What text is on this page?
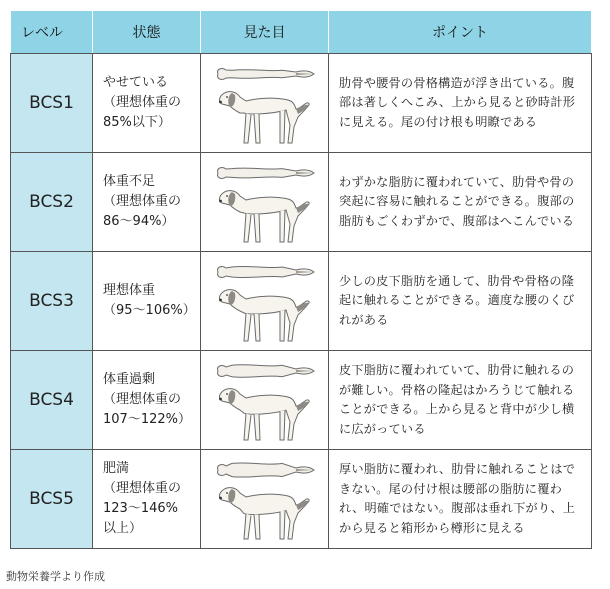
レベル	状態	見た目	ポイント
BCS1	やせている
（理想体重の
85%以下）		肋骨や腰骨の骨格構造が浮き出ている。腹部は著しくへこみ、上から見ると砂時計形に見える。尾の付け根も明瞭である
BCS2	体重不足
（理想体重の
86〜94%）		わずかな脂肪に覆われていて、肋骨や骨の突起に容易に触れることができる。腹部の脂肪もごくわずかで、腹部はへこんでいる
BCS3	理想体重
（95〜106%）		少しの皮下脂肪を通して、肋骨や骨格の隆起に触れることができる。適度な腰のくびれがある
BCS4	体重過剰
（理想体重の
107〜122%）		皮下脂肪に覆われていて、肋骨に触れるのが難しい。骨格の隆起はかろうじて触れることができる。上から見ると背中が少し横に広がっている
BCS5	肥満
（理想体重の
123〜146%
以上）		厚い脂肪に覆われ、肋骨に触れることはできない。尾の付け根は腰部の脂肪に覆われ、明確ではない。腹部は垂れ下がり、上から見ると箱形から樽形に見える
動物栄養学より作成
